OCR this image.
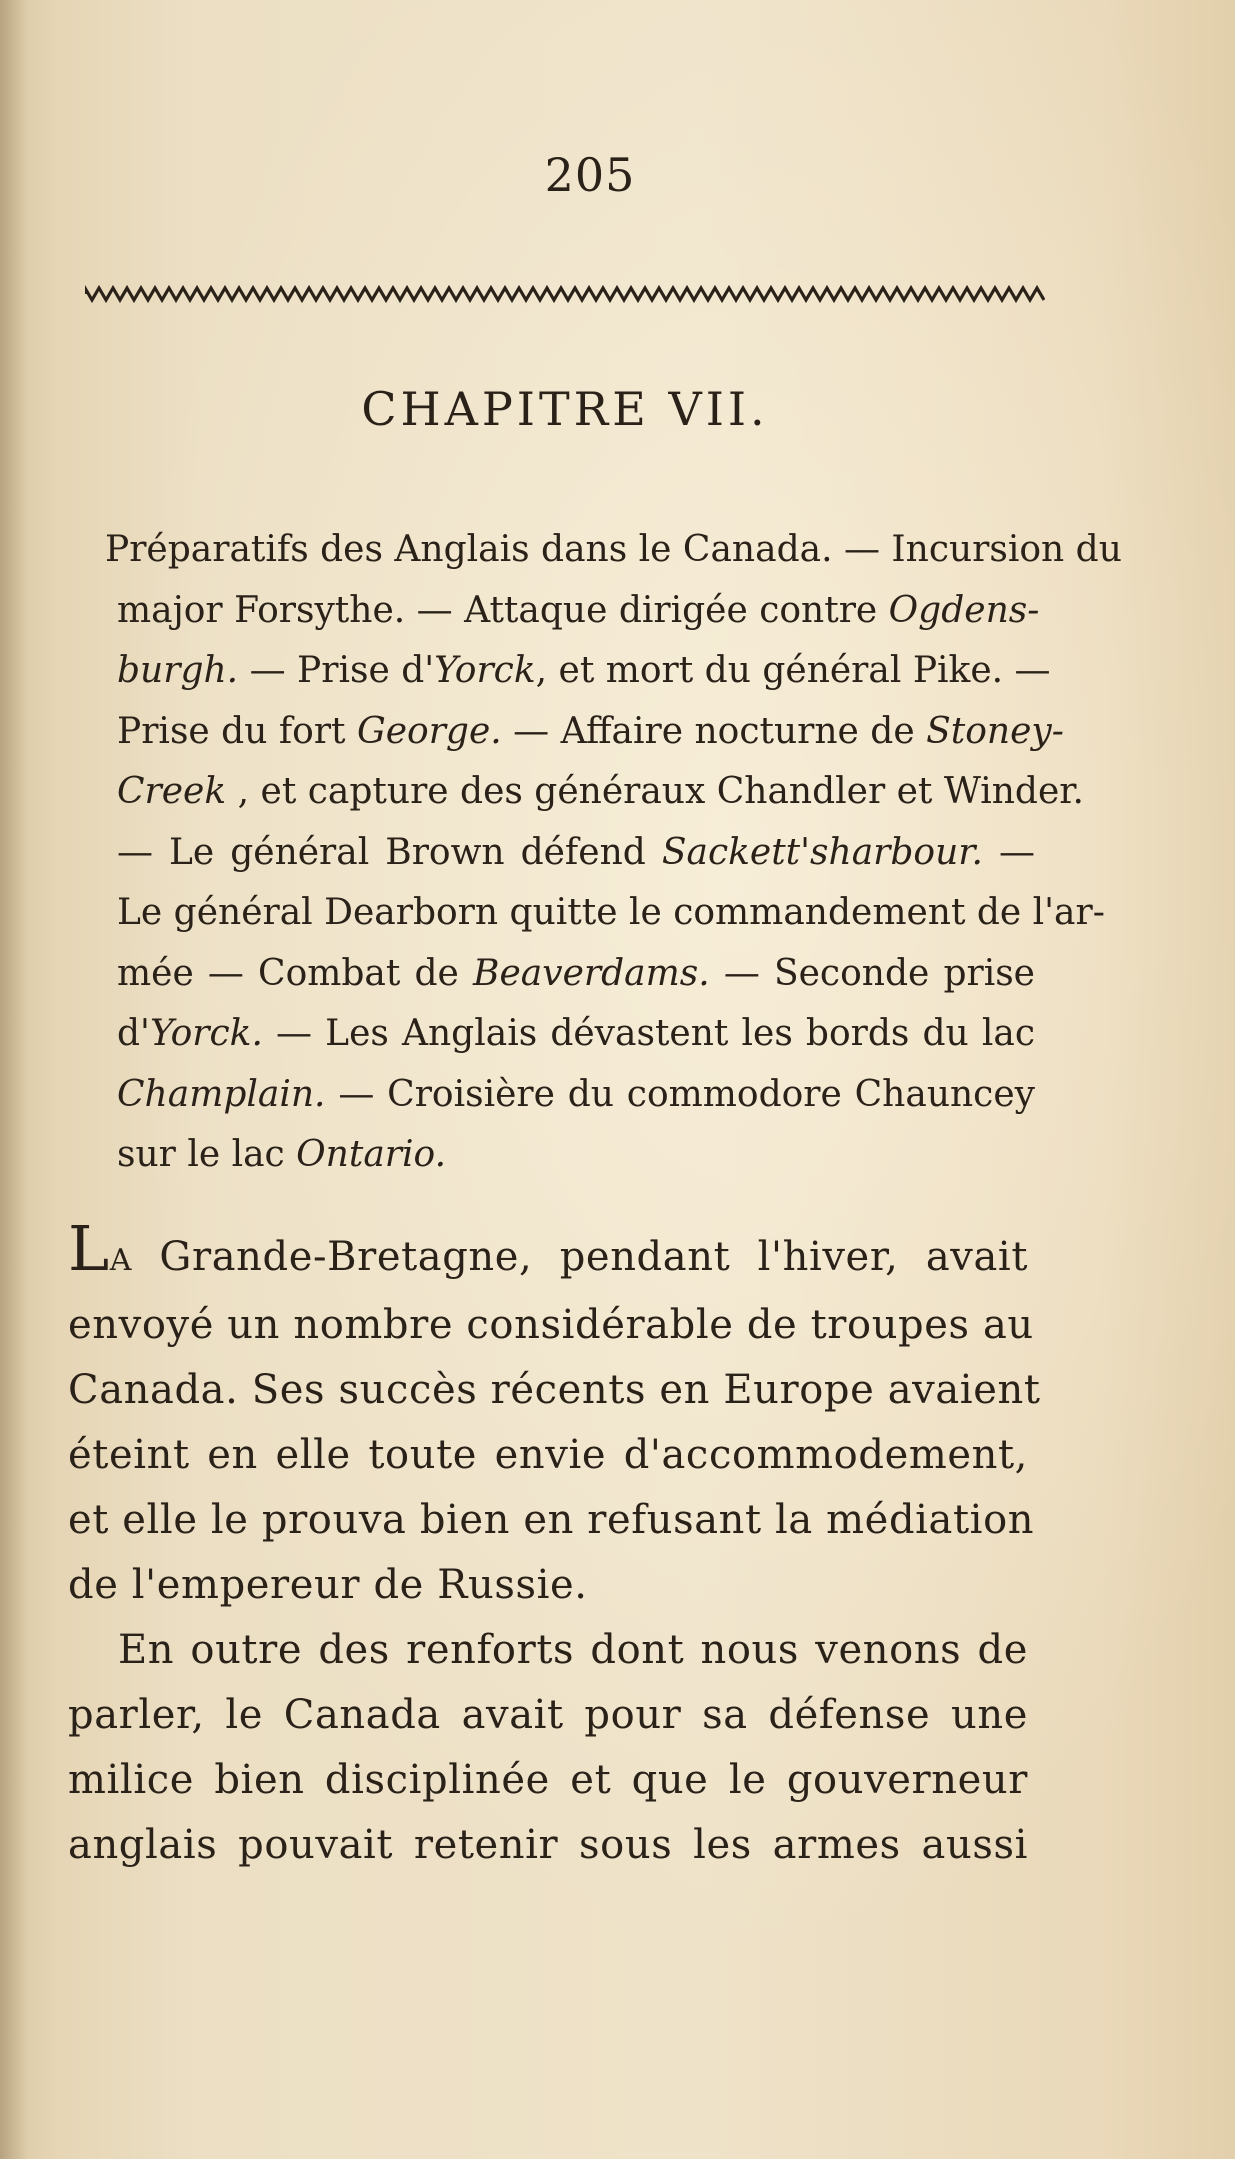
205
CHAPITRE VII.
Préparatifs des Anglais dans le Canada. — Incursion du
major Forsythe. — Attaque dirigée contre Ogdens-
burgh. — Prise d'Yorck, et mort du général Pike. —
Prise du fort George. — Affaire nocturne de Stoney-
Creek , et capture des généraux Chandler et Winder.
— Le général Brown défend Sackett'sharbour. —
Le général Dearborn quitte le commandement de l'ar-
mée — Combat de Beaverdams. — Seconde prise
d'Yorck. — Les Anglais dévastent les bords du lac
Champlain. — Croisière du commodore Chauncey
sur le lac Ontario.
LA Grande-Bretagne, pendant l'hiver, avait
envoyé un nombre considérable de troupes au
Canada. Ses succès récents en Europe avaient
éteint en elle toute envie d'accommodement,
et elle le prouva bien en refusant la médiation
de l'empereur de Russie.
En outre des renforts dont nous venons de
parler, le Canada avait pour sa défense une
milice bien disciplinée et que le gouverneur
anglais pouvait retenir sous les armes aussi
